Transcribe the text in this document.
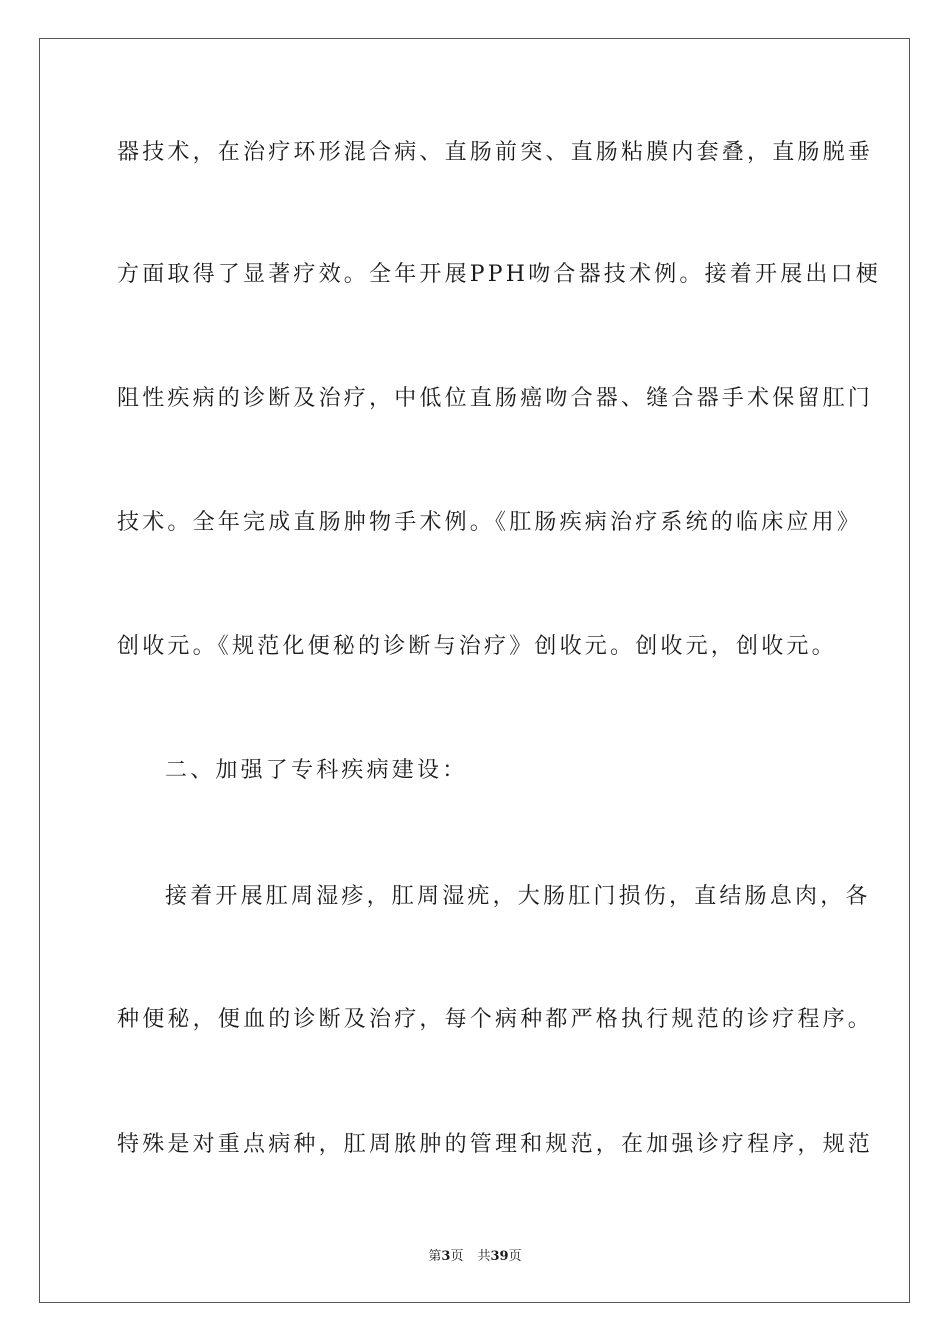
器技术，在治疗环形混合病、直肠前突、直肠粘膜内套叠，直肠脱垂
方面取得了显著疗效。全年开展PPH吻合器技术例。接着开展出口梗
阻性疾病的诊断及治疗，中低位直肠癌吻合器、缝合器手术保留肛门
技术。全年完成直肠肿物手术例。《肛肠疾病治疗系统的临床应用》
创收元。《规范化便秘的诊断与治疗》创收元。创收元，创收元。
二、加强了专科疾病建设：
接着开展肛周湿疹，肛周湿疣，大肠肛门损伤，直结肠息肉，各
种便秘，便血的诊断及治疗，每个病种都严格执行规范的诊疗程序。
特殊是对重点病种，肛周脓肿的管理和规范，在加强诊疗程序，规范
第3页 共39页
